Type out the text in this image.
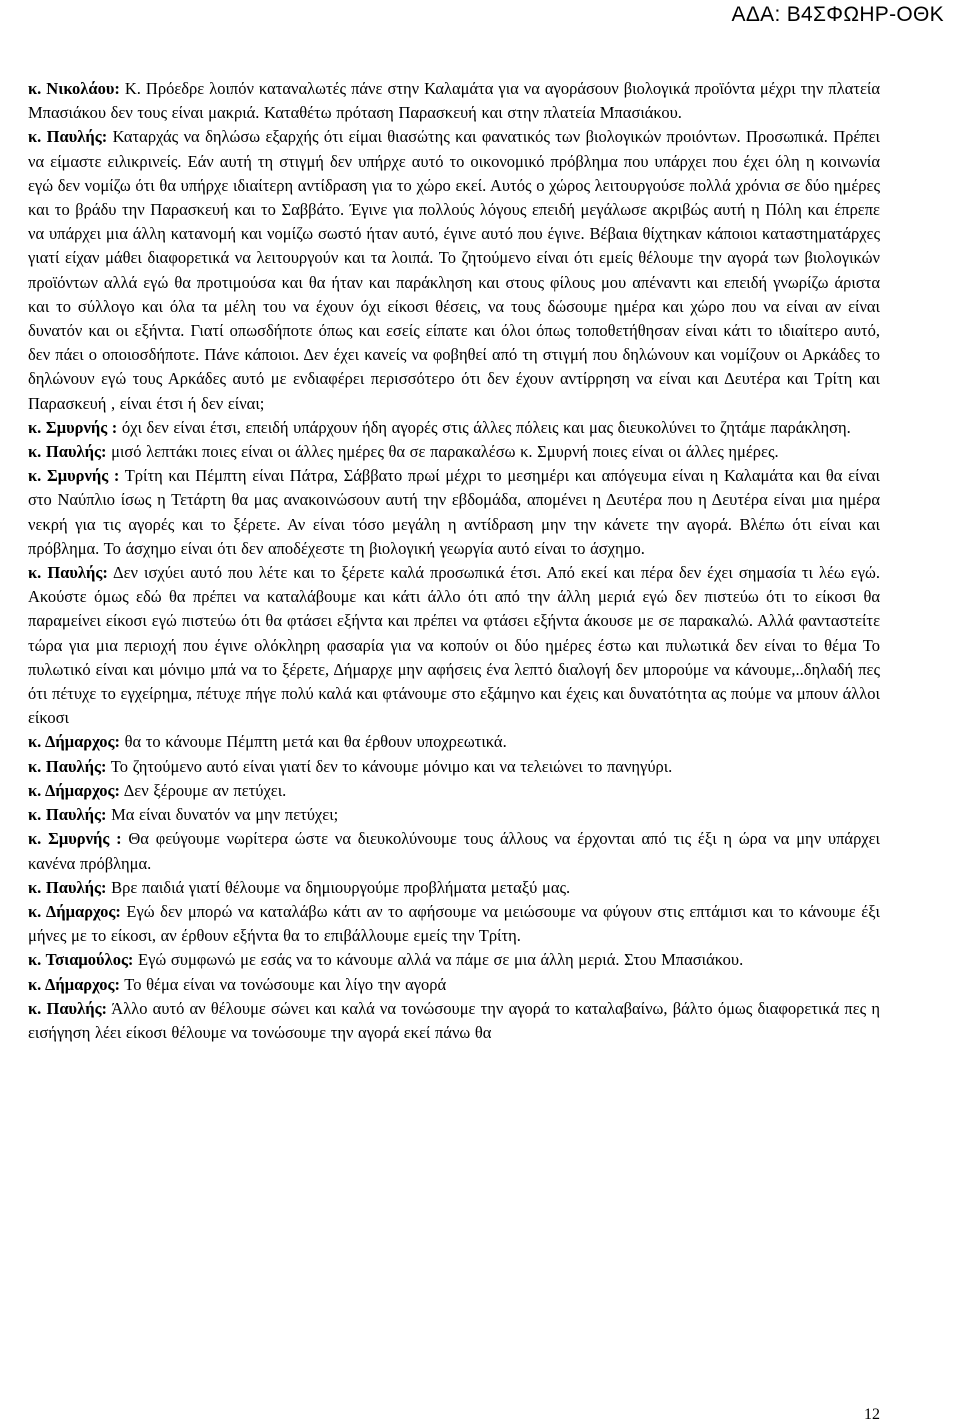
ΑΔΑ: Β4ΣΦΩΗΡ-ΟΘΚ

κ. Νικολάου: Κ. Πρόεδρε λοιπόν καταναλωτές πάνε στην Καλαμάτα για να αγοράσουν βιολογικά προϊόντα μέχρι την πλατεία Μπασιάκου δεν τους είναι μακριά. Καταθέτω πρόταση Παρασκευή και στην πλατεία Μπασιάκου.

κ. Παυλής: Καταρχάς να δηλώσω εξαρχής ότι είμαι θιασώτης και φανατικός των βιολογικών προιόντων. Προσωπικά. Πρέπει να είμαστε ειλικρινείς. Εάν αυτή τη στιγμή δεν υπήρχε αυτό το οικονομικό πρόβλημα που υπάρχει που έχει όλη η κοινωνία εγώ δεν νομίζω ότι θα υπήρχε ιδιαίτερη αντίδραση για το χώρο εκεί. Αυτός ο χώρος λειτουργούσε πολλά χρόνια σε δύο ημέρες και το βράδυ την Παρασκευή και το Σαββάτο. Έγινε για πολλούς λόγους επειδή μεγάλωσε ακριβώς αυτή η Πόλη και έπρεπε να υπάρχει μια άλλη κατανομή και νομίζω σωστό ήταν αυτό, έγινε αυτό που έγινε. Βέβαια θίχτηκαν κάποιοι καταστηματάρχες γιατί είχαν μάθει διαφορετικά να λειτουργούν και τα λοιπά. Το ζητούμενο είναι ότι εμείς θέλουμε την αγορά των βιολογικών προϊόντων αλλά εγώ θα προτιμούσα και θα ήταν και παράκληση και στους φίλους μου απέναντι και επειδή γνωρίζω άριστα και το σύλλογο και όλα τα μέλη του να έχουν όχι είκοσι θέσεις, να τους δώσουμε ημέρα και χώρο που να είναι αν είναι δυνατόν και οι εξήντα. Γιατί οπωσδήποτε όπως και εσείς είπατε και όλοι όπως τοποθετήθησαν είναι κάτι το ιδιαίτερο αυτό, δεν πάει ο οποιοσδήποτε. Πάνε κάποιοι. Δεν έχει κανείς να φοβηθεί από τη στιγμή που δηλώνουν και νομίζουν οι Αρκάδες το δηλώνουν εγώ τους Αρκάδες αυτό με ενδιαφέρει περισσότερο ότι δεν έχουν αντίρρηση να είναι και Δευτέρα και Τρίτη και Παρασκευή , είναι έτσι ή δεν είναι;

κ. Σμυρνής : όχι δεν είναι έτσι, επειδή υπάρχουν ήδη αγορές στις άλλες πόλεις και μας διευκολύνει το ζητάμε παράκληση.

κ. Παυλής: μισό λεπτάκι ποιες είναι οι άλλες ημέρες θα σε παρακαλέσω κ. Σμυρνή ποιες είναι οι άλλες ημέρες.

κ. Σμυρνής : Τρίτη και Πέμπτη είναι Πάτρα, Σάββατο πρωί μέχρι το μεσημέρι και απόγευμα είναι η Καλαμάτα και θα είναι στο Ναύπλιο ίσως η Τετάρτη θα μας ανακοινώσουν αυτή την εβδομάδα, απομένει η Δευτέρα που η Δευτέρα είναι μια ημέρα νεκρή για τις αγορές και το ξέρετε. Αν είναι τόσο μεγάλη η αντίδραση μην την κάνετε την αγορά. Βλέπω ότι είναι και πρόβλημα. Το άσχημο είναι ότι δεν αποδέχεστε τη βιολογική γεωργία αυτό είναι το άσχημο.

κ. Παυλής: Δεν ισχύει αυτό που λέτε και το ξέρετε καλά προσωπικά έτσι. Από εκεί και πέρα δεν έχει σημασία τι λέω εγώ. Ακούστε όμως εδώ θα πρέπει να καταλάβουμε και κάτι άλλο ότι από την άλλη μεριά εγώ δεν πιστεύω ότι το είκοσι θα παραμείνει είκοσι εγώ πιστεύω ότι θα φτάσει εξήντα και πρέπει να φτάσει εξήντα άκουσε με σε παρακαλώ. Αλλά φανταστείτε τώρα για μια περιοχή που έγινε ολόκληρη φασαρία για να κοπούν οι δύο ημέρες έστω και πυλωτικά δεν είναι το θέμα Το πυλωτικό είναι και μόνιμο μπά να το ξέρετε, Δήμαρχε μην αφήσεις ένα λεπτό διαλογή δεν μπορούμε να κάνουμε,..δηλαδή πες ότι πέτυχε το εγχείρημα, πέτυχε πήγε πολύ καλά και φτάνουμε στο εξάμηνο και έχεις και δυνατότητα ας πούμε να μπουν άλλοι είκοσι

κ. Δήμαρχος: θα το κάνουμε Πέμπτη μετά και θα έρθουν υποχρεωτικά.

κ. Παυλής: Το ζητούμενο αυτό είναι γιατί δεν το κάνουμε μόνιμο και να τελειώνει το πανηγύρι.

κ. Δήμαρχος: Δεν ξέρουμε αν πετύχει.

κ. Παυλής: Μα είναι δυνατόν να μην πετύχει;

κ. Σμυρνής : Θα φεύγουμε νωρίτερα ώστε να διευκολύνουμε τους άλλους να έρχονται από τις έξι η ώρα να μην υπάρχει κανένα πρόβλημα.

κ. Παυλής: Βρε παιδιά γιατί θέλουμε να δημιουργούμε προβλήματα μεταξύ μας.

κ. Δήμαρχος: Εγώ δεν μπορώ να καταλάβω κάτι αν το αφήσουμε να μειώσουμε να φύγουν στις επτάμισι και το κάνουμε έξι μήνες με το είκοσι, αν έρθουν εξήντα θα το επιβάλλουμε εμείς την Τρίτη.

κ. Τσιαμούλος: Εγώ συμφωνώ με εσάς να το κάνουμε αλλά να πάμε σε μια άλλη μεριά. Στου Μπασιάκου.

κ. Δήμαρχος: Το θέμα είναι να τονώσουμε και λίγο την αγορά

κ. Παυλής: Άλλο αυτό αν θέλουμε σώνει και καλά να τονώσουμε την αγορά το καταλαβαίνω, βάλτο όμως διαφορετικά πες η εισήγηση λέει είκοσι θέλουμε να τονώσουμε την αγορά εκεί πάνω θα

12
